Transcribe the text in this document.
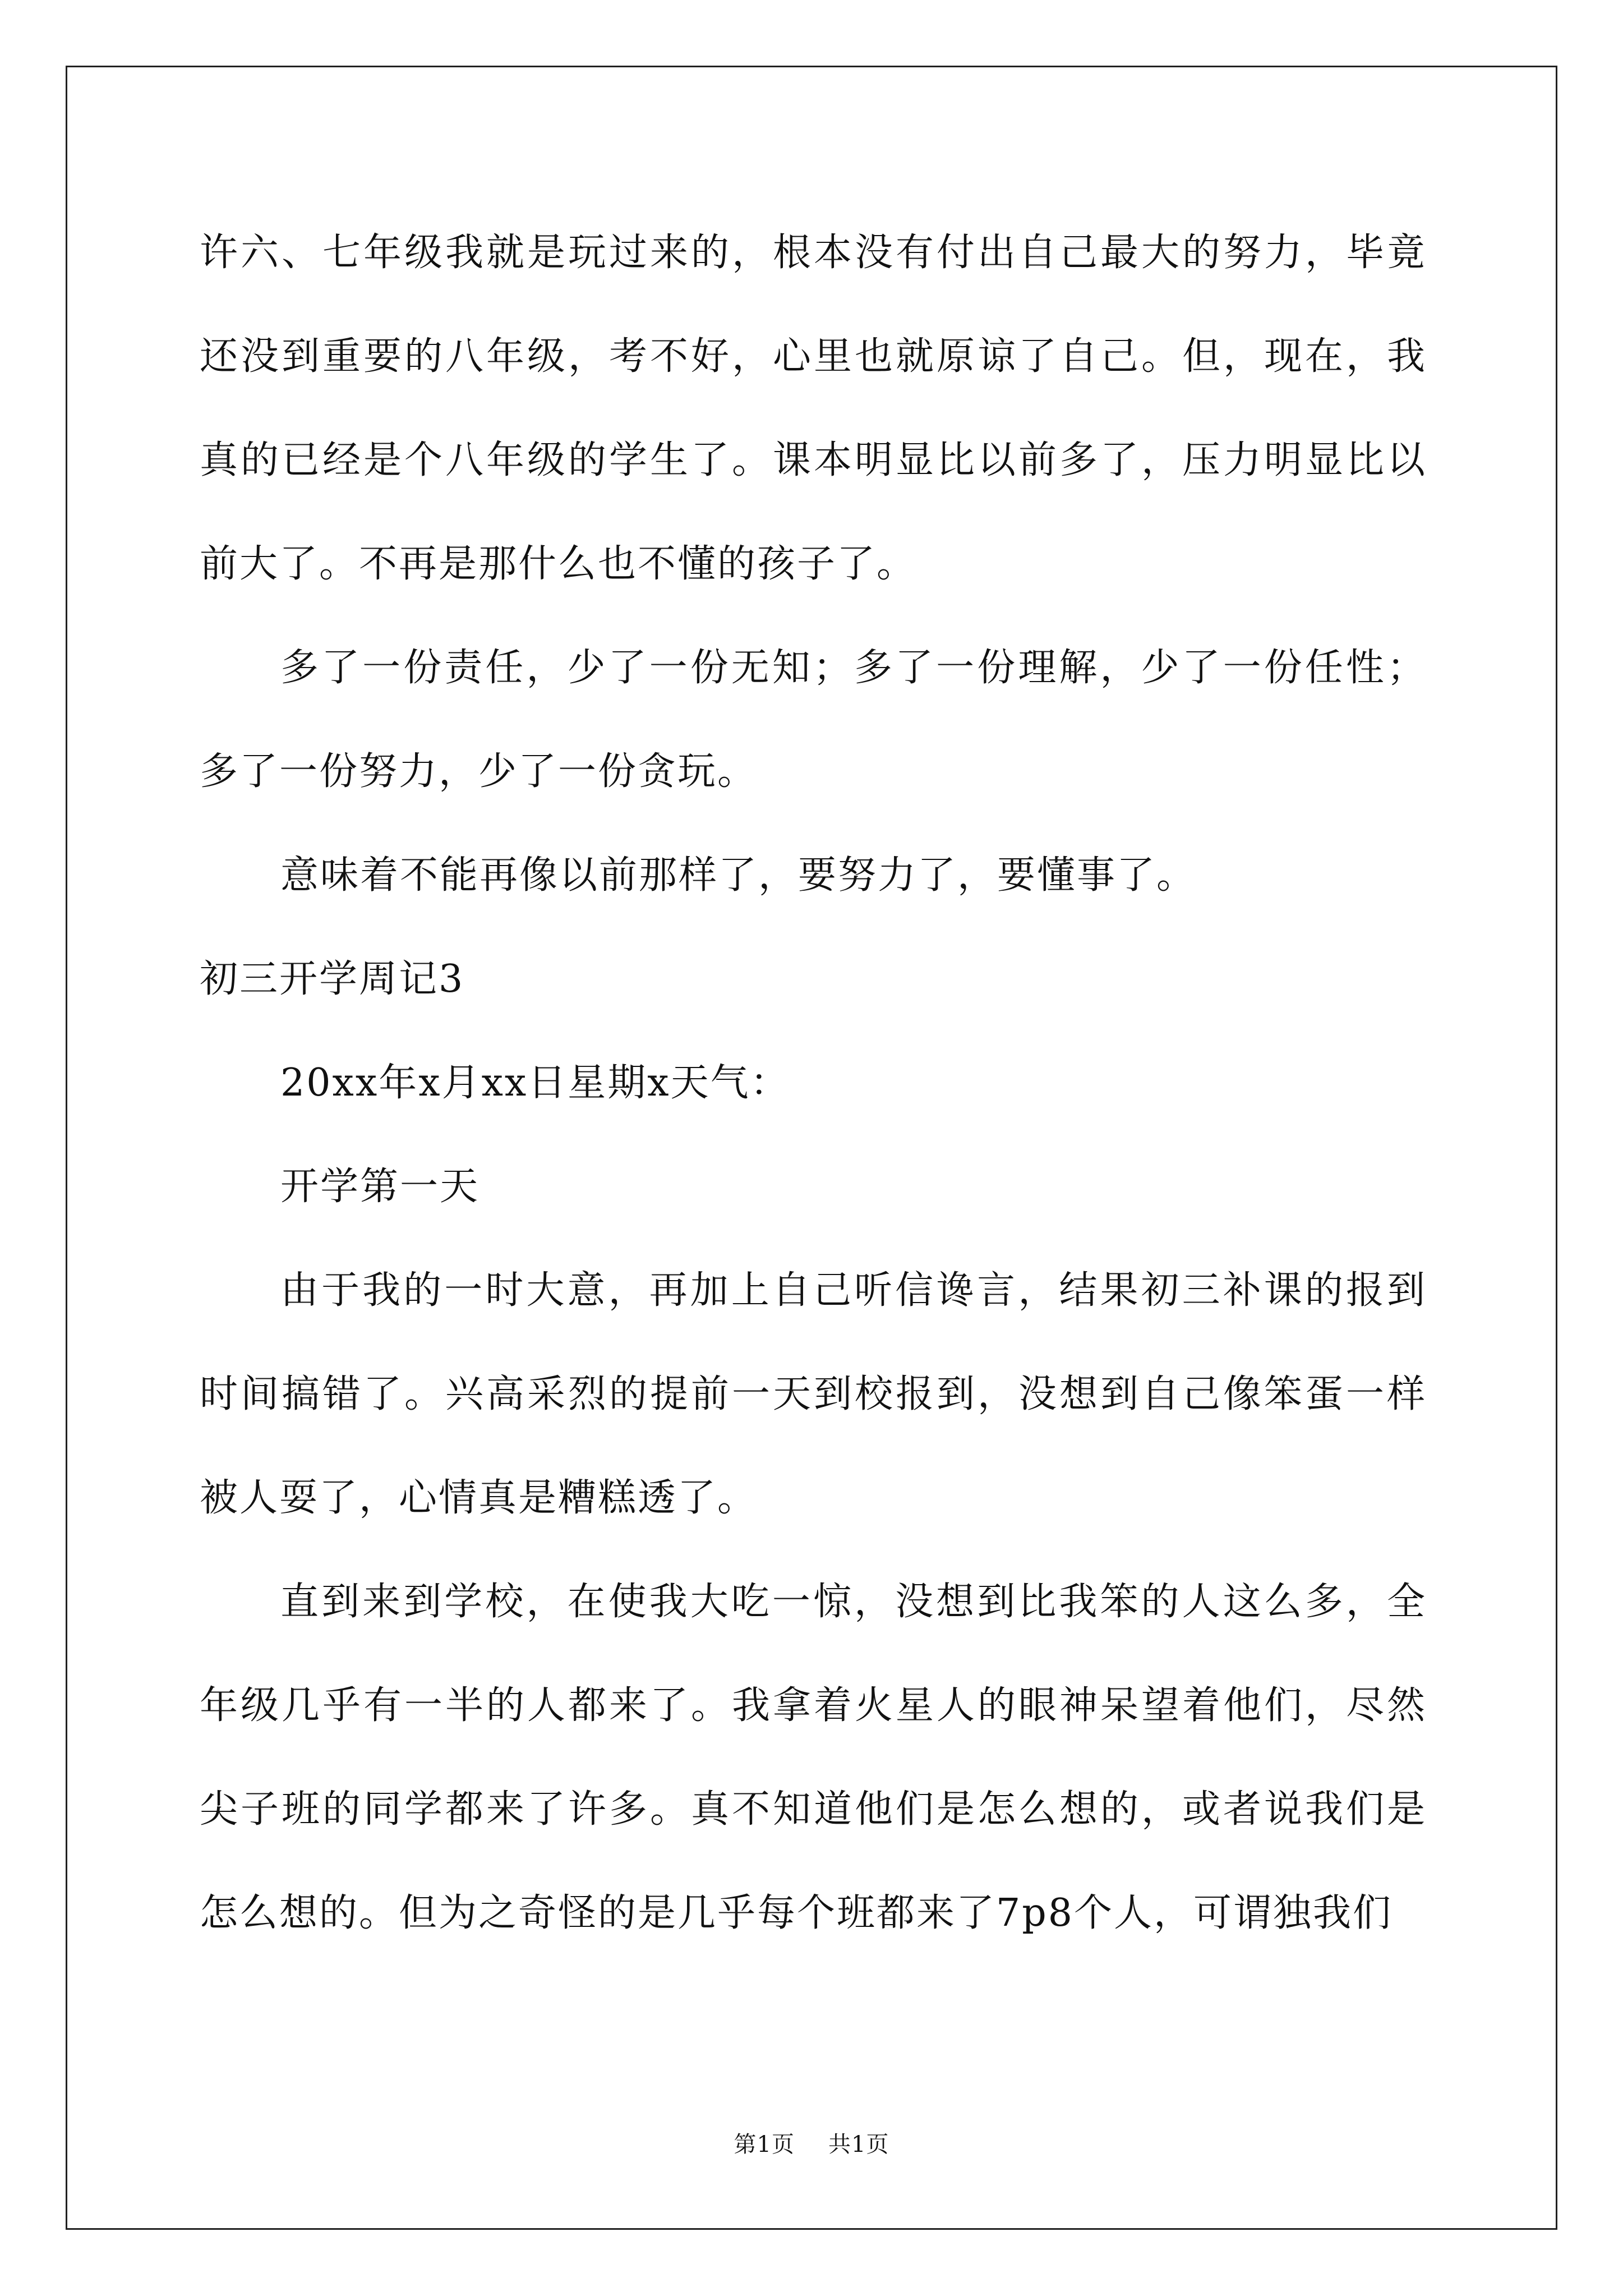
许六、七年级我就是玩过来的，根本没有付出自己最大的努力，毕竟还没到重要的八年级，考不好，心里也就原谅了自己。但，现在，我真的已经是个八年级的学生了。课本明显比以前多了，压力明显比以前大了。不再是那什么也不懂的孩子了。

多了一份责任，少了一份无知；多了一份理解，少了一份任性；多了一份努力，少了一份贪玩。

意味着不能再像以前那样了，要努力了，要懂事了。

初三开学周记3

20xx年x月xx日星期x天气：

开学第一天

由于我的一时大意，再加上自己听信谗言，结果初三补课的报到时间搞错了。兴高采烈的提前一天到校报到，没想到自己像笨蛋一样被人耍了，心情真是糟糕透了。

直到来到学校，在使我大吃一惊，没想到比我笨的人这么多，全年级几乎有一半的人都来了。我拿着火星人的眼神呆望着他们，尽然尖子班的同学都来了许多。真不知道他们是怎么想的，或者说我们是怎么想的。但为之奇怪的是几乎每个班都来了7p8个人，可谓独我们

第1页 共1页
